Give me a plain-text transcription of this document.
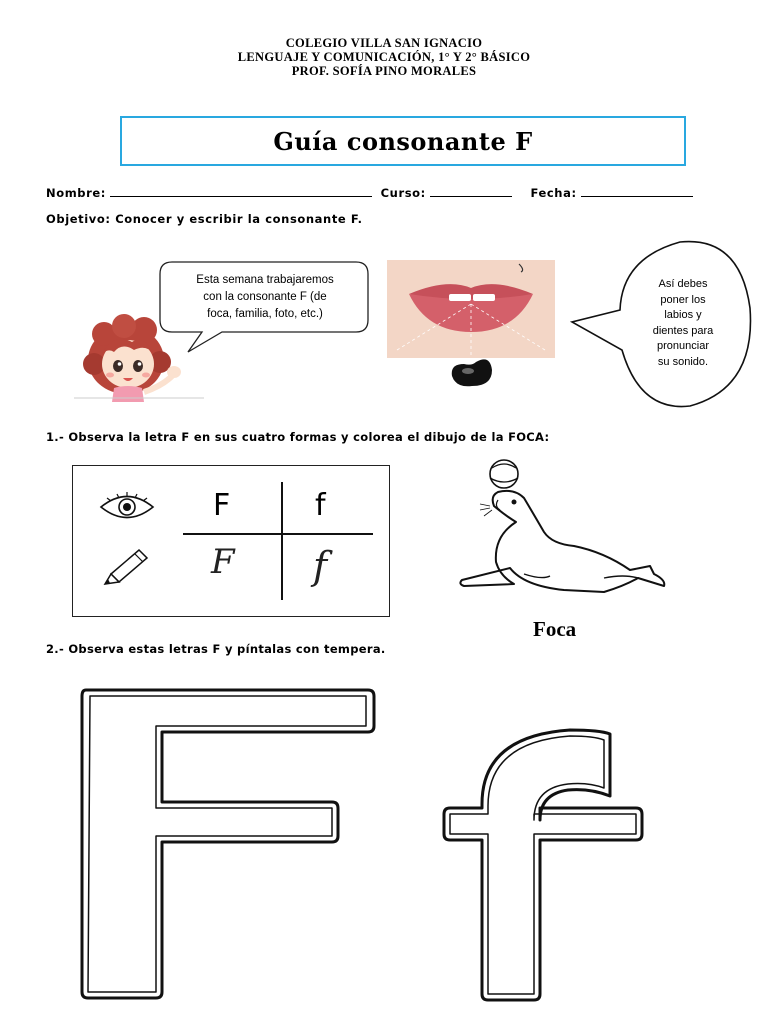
COLEGIO VILLA SAN IGNACIO
LENGUAJE Y COMUNICACIÓN, 1° Y 2° BÁSICO
PROF. SOFÍA PINO MORALES
Guía consonante F
Nombre:	Curso:	Fecha:
Objetivo: Conocer y escribir la consonante F.
Esta semana trabajaremos
con la consonante F (de
foca, familia, foto, etc.)
Así debes
poner los
labios y
dientes para
pronunciar
su sonido.
1.- Observa la letra F en sus cuatro formas y colorea el dibujo de la FOCA:
F	f
F f
Foca
2.- Observa estas letras F y píntalas con tempera.
